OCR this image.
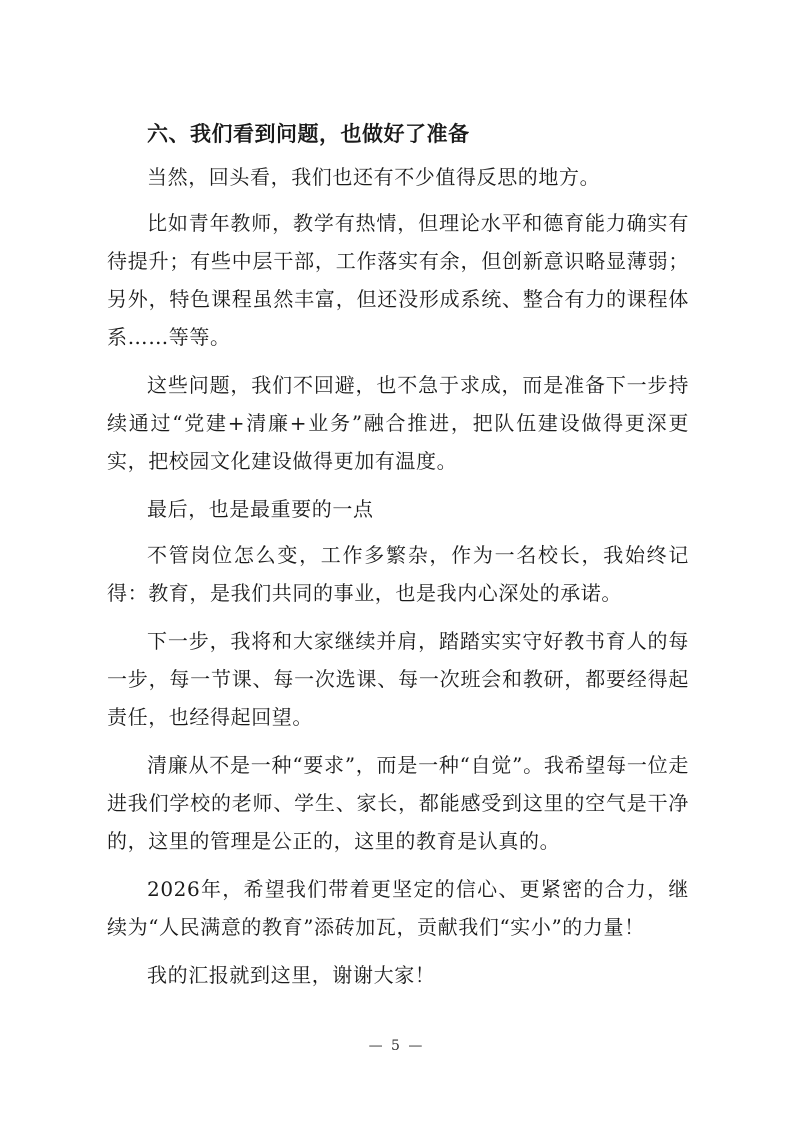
六、我们看到问题，也做好了准备

当然，回头看，我们也还有不少值得反思的地方。

比如青年教师，教学有热情，但理论水平和德育能力确实有待提升；有些中层干部，工作落实有余，但创新意识略显薄弱；另外，特色课程虽然丰富，但还没形成系统、整合有力的课程体系……等等。

这些问题，我们不回避，也不急于求成，而是准备下一步持续通过“党建+清廉+业务”融合推进，把队伍建设做得更深更实，把校园文化建设做得更加有温度。

最后，也是最重要的一点

不管岗位怎么变，工作多繁杂，作为一名校长，我始终记得：教育，是我们共同的事业，也是我内心深处的承诺。

下一步，我将和大家继续并肩，踏踏实实守好教书育人的每一步，每一节课、每一次选课、每一次班会和教研，都要经得起责任，也经得起回望。

清廉从不是一种“要求”，而是一种“自觉”。我希望每一位走进我们学校的老师、学生、家长，都能感受到这里的空气是干净的，这里的管理是公正的，这里的教育是认真的。

2026年，希望我们带着更坚定的信心、更紧密的合力，继续为“人民满意的教育”添砖加瓦，贡献我们“实小”的力量！

我的汇报就到这里，谢谢大家！

— 5 —
